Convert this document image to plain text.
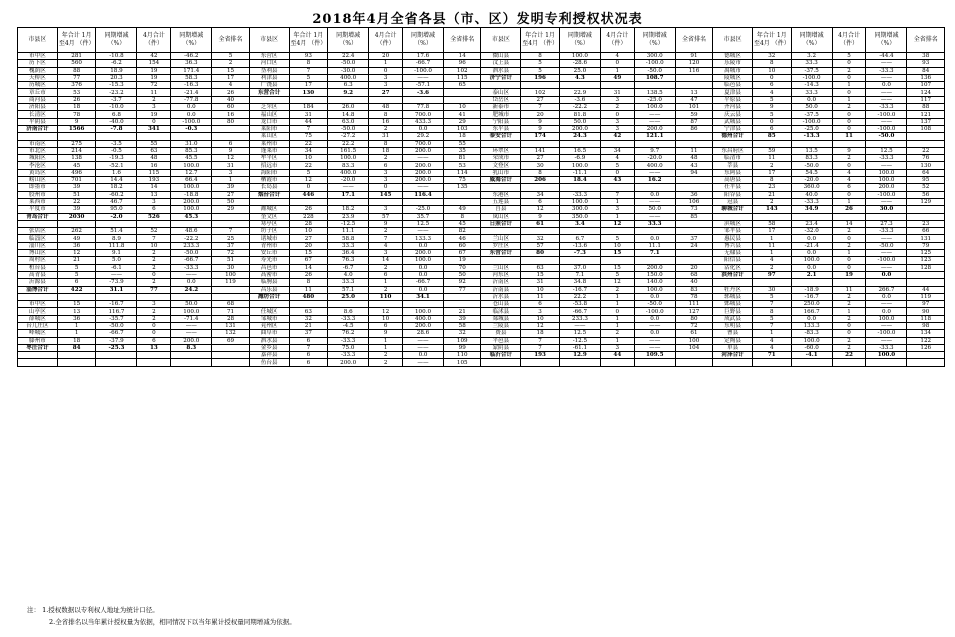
2018年4月全省各县（市、区）发明专利授权状况表
市县区	年合计 1月至4月 （件）	同期增减 （%）	4月合计 （件）	同期增减 （%）	全省排名	市县区	年合计 1月至4月 （件）	同期增减 （%）	4月合计 （件）	同期增减 （%）	全省排名	市县区	年合计 1月至4月 （件）	同期增减 （%）	4月合计 （件）	同期增减 （%）	全省排名	市县区	年合计 1月至4月 （件）	同期增减 （%）	4月合计 （件）	同期增减 （%）	全省排名
市中区	281	-10.8	42	-46.2	5	东营区	93	22.4	20	17.6	14	微山县	8	100.0	4	300.0	91	德城区	32	3.2	5	-44.4	38
历下区	560	-6.2	154	36.3	2	河口区	8	-50.0	1	-66.7	96	汶上县	5	-28.6	0	-100.0	120	乐陵市	8	33.3	0	——	93
槐荫区	88	18.9	19	171.4	15	垦利县	7	-30.0	0	-100.0	102	泗水县	5	25.0	1	-50.0	116	禹城市	10	-37.5	2	-33.3	84
天桥区	77	20.3	19	58.3	17	利津县	5	400.0	3	——	115	济宁合计	196	4.3	49	108.7		陵城区	0	-100.0	0	——	136
历城区	376	-15.3	72	-16.3	4	广饶县	17	6.3	3	-57.1	65							临邑县	6	-14.3	1	0.0	107
章丘市	53	-23.2	11	-21.4	26	东营合计	130	9.2	27	-3.6		泰山区	102	22.9	31	138.5	13	夏津县	4	33.3	0	——	124
商河县	26	-3.7	2	-77.8	40							岱岳区	27	-3.6	3	-25.0	47	平原县	5	0.0	1	——	117
济阳县	18	-10.0	3	0.0	60	芝罘区	184	26.0	48	77.8	10	新泰市	7	-22.2	2	100.0	101	齐河县	9	50.0	2	-33.3	88
长清区	78	6.8	19	0.0	16	福山区	31	14.8	8	700.0	41	肥城市	20	81.8	0	——	59	庆云县	5	-37.5	0	-100.0	121
平阴县	9	-40.0	0	-100.0	80	龙口市	44	63.0	16	433.3	29	宁阳县	9	50.0	3	——	87	武城县	0	-100.0	0	——	137
济南合计	1566	-7.8	341	-0.3		莱阳市	7	-50.0	2	0.0	103	东平县	9	200.0	3	200.0	86	宁津县	6	-25.0	0	-100.0	108
						莱山区	75	-27.2	31	29.2	18	泰安合计	174	24.3	42	121.1		德州合计	85	-13.3	11	-50.0	
市南区	275	-3.5	55	31.0	6	莱州市	22	22.2	8	700.0	55												
市北区	214	-0.5	63	85.3	9	蓬莱市	34	161.5	18	200.0	35	环翠区	141	16.5	34	9.7	11	东昌府区	59	13.5	9	12.5	22
城阳区	138	-19.3	48	45.5	12	牟平区	10	100.0	2	——	81	荣成市	27	-6.9	4	-20.0	48	临清市	11	83.3	2	-33.3	76
李沧区	45	-52.1	16	100.0	31	招远市	22	83.3	6	200.0	53	文登区	30	100.0	5	400.0	43	莘县	2	-50.0	0	——	130
黄岛区	496	1.6	115	12.7	3	海阳市	5	400.0	3	200.0	114	乳山市	8	-11.1	0	——	94	东阿县	17	54.5	4	100.0	64
崂山区	701	14.4	193	66.4	1	栖霞市	12	-20.0	3	200.0	75	威海合计	206	18.4	43	16.2		高唐县	8	-20.0	4	100.0	95
即墨市	39	18.2	14	100.0	39	长岛县	0	——	0	——	135							茌平县	23	360.0	6	200.0	52
胶州市	51	-60.2	13	-18.8	27	烟台合计	446	17.1	145	116.4		东港区	34	-33.3	7	0.0	36	阳谷县	21	40.0	0	-100.0	56
莱西市	22	46.7	3	200.0	50							五莲县	6	100.0	1	——	106	冠县	2	-33.3	1	——	129
平度市	39	95.0	6	100.0	29	潍城区	26	18.2	3	-25.0	49	莒县	12	300.0	3	50.0	73	聊城合计	143	34.9	26	30.0	
青岛合计	2030	-2.0	526	45.3		奎文区	228	23.9	57	35.7	8	岚山区	9	350.0	1	——	85						
						寒亭区	28	-12.5	9	12.5	45	日照合计	61	3.4	12	33.3		滨城区	58	23.4	14	27.3	23
张店区	262	51.4	52	48.6	7	坊子区	10	11.1	2	——	82							邹平县	17	-32.0	2	-33.3	66
临淄区	49	8.9	7	-22.2	25	诸城市	27	58.8	7	133.3	46	兰山区	32	6.7	5	0.0	37	惠民县	1	0.0	0	——	131
淄川区	36	111.8	10	233.3	37	青州市	20	33.3	4	0.0	60	罗庄区	57	-13.6	10	11.1	24	博兴县	11	-21.4	2	-50.0	79
博山区	12	9.1	2	-50.0	72	安丘市	15	36.4	3	200.0	67	东营合计	80	-7.3	15	7.1		无棣县	1	0.0	1	——	125
周村区	21	5.0	2	-66.7	51	寿光市	67	76.3	14	100.0	19							阳信县	4	100.0	0	-100.0	123
桓台县	5	-6.1	2	-33.3	30	昌邑市	14	-6.7	2	0.0	70	兰山区	63	37.0	15	200.0	20	沾化区	2	0.0	0	——	128
高青县	5	——	0	——	100	高密市	26	4.0	6	0.0	50	河东区	15	7.1	5	150.0	68	滨州合计	97	2.1	19	0.0	
沂源县	6	-73.9	2	0.0	119	临朐县	8	33.3	1	-66.7	92	沂南区	31	34.8	12	140.0	40						
淄博合计	422	31.1	77	24.2		昌乐县	11	57.1	2	0.0	77	沂南县	10	-16.7	2	100.0	83	牡丹区	30	-18.9	11	266.7	44
						潍坊合计	480	25.0	110	34.1		沂水县	11	22.2	1	0.0	78	郓城县	5	-16.7	2	0.0	119
市中区	15	-16.7	3	50.0	68							苍山县	6	-53.8	1	-50.0	111	鄄城县	7	250.0	2	——	97
山亭区	13	116.7	2	100.0	71	任城区	63	8.6	12	100.0	21	临沭县	3	-66.7	0	-100.0	127	巨野县	8	166.7	1	0.0	90
薛城区	36	-35.7	2	-71.4	28	邹城市	32	-33.3	10	400.0	39	郯城县	10	233.3	1	0.0	80	成武县	5	0.0	2	100.0	118
台儿庄区	1	-50.0	0	——	131	兖州区	21	-4.5	6	200.0	58	兰陵县	12	——	1	——	72	东明县	7	133.3	0	——	98
峄城区	1	-66.7	0	——	132	曲阜市	37	76.2	9	28.6	32	费县	18	12.5	2	0.0	61	曹县	1	-83.3	0	-100.0	134
滕州市	18	-37.9	6	200.0	69	泗水县	6	-33.3	1	——	109	平邑县	7	-12.5	1	——	100	定陶县	4	100.0	2	——	122
枣庄合计	84	-25.3	13	8.3		金乡县	7	75.0	1	——	99	蒙阴县	7	-61.1	3	——	104	单县	4	-60.0	2	-33.3	126
						嘉祥县	6	-33.3	2	0.0	110	临沂合计	193	12.9	44	109.5		菏泽合计	71	-4.1	22	100.0	
						鱼台县	6	200.0	2	——	105												
注： 1.授权数据以专利权人地址为统计口径。
2.全省排名以当年累计授权量为依据，相同情况下以当年累计授权量同期增减为依据。
